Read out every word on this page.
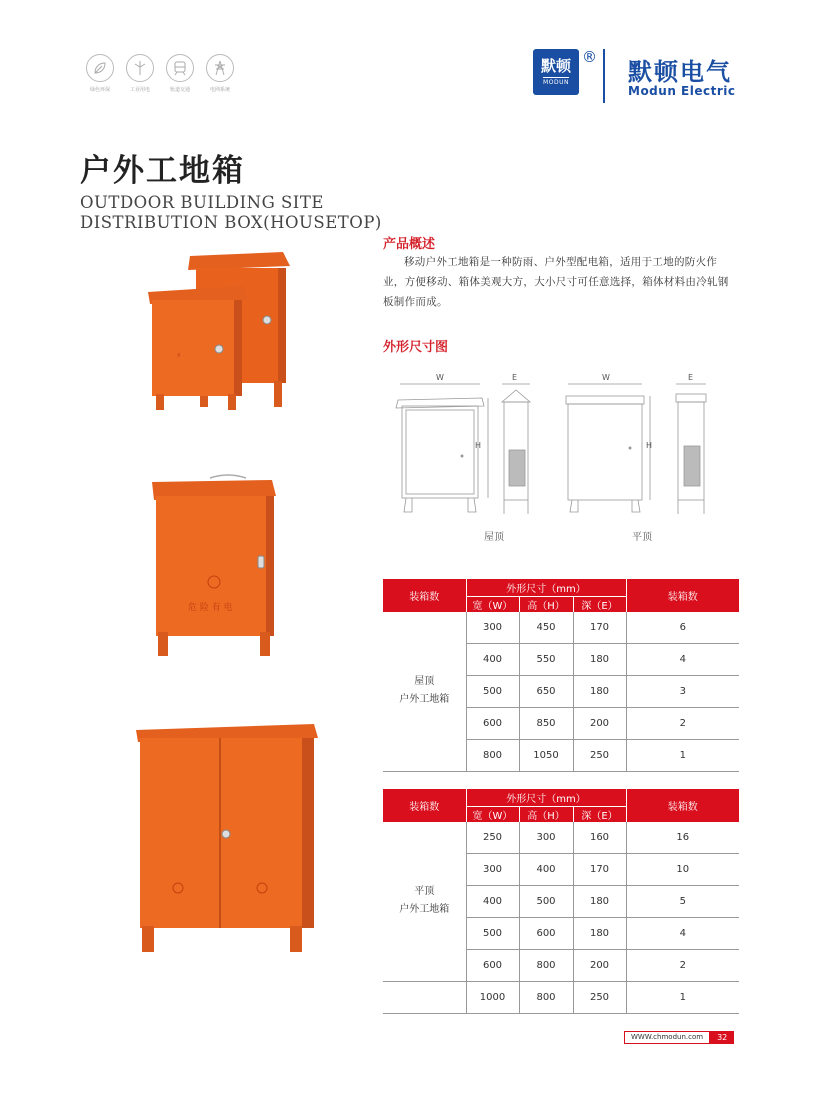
绿色环保	工业用电	轨道交通	电网系统
默顿
MODUN
®
默顿电气
Modun Electric
户外工地箱
OUTDOOR BUILDING SITE
DISTRIBUTION BOX(HOUSETOP)
⚡
危 险 有 电
产品概述
移动户外工地箱是一种防雨、户外型配电箱，适用于工地的防火作业，方便移动、箱体美观大方，大小尺寸可任意选择，箱体材料由冷轧钢板制作而成。
外形尺寸图
W	E
H
W	E
H
屋顶	平顶
装箱数	外形尺寸（mm）			装箱数
	宽（W）	高（H）	深（E）	

屋顶
户外工地箱	300	450	170	6
	400	550	180	4
	500	650	180	3
	600	850	200	2
	800	1050	250	1
装箱数	外形尺寸（mm）			装箱数
	宽（W）	高（H）	深（E）	

平顶
户外工地箱	250	300	160	16
	300	400	170	10
	400	500	180	5
	500	600	180	4
	600	800	200	2
	1000	800	250	1
WWW.chmodun.com	32
